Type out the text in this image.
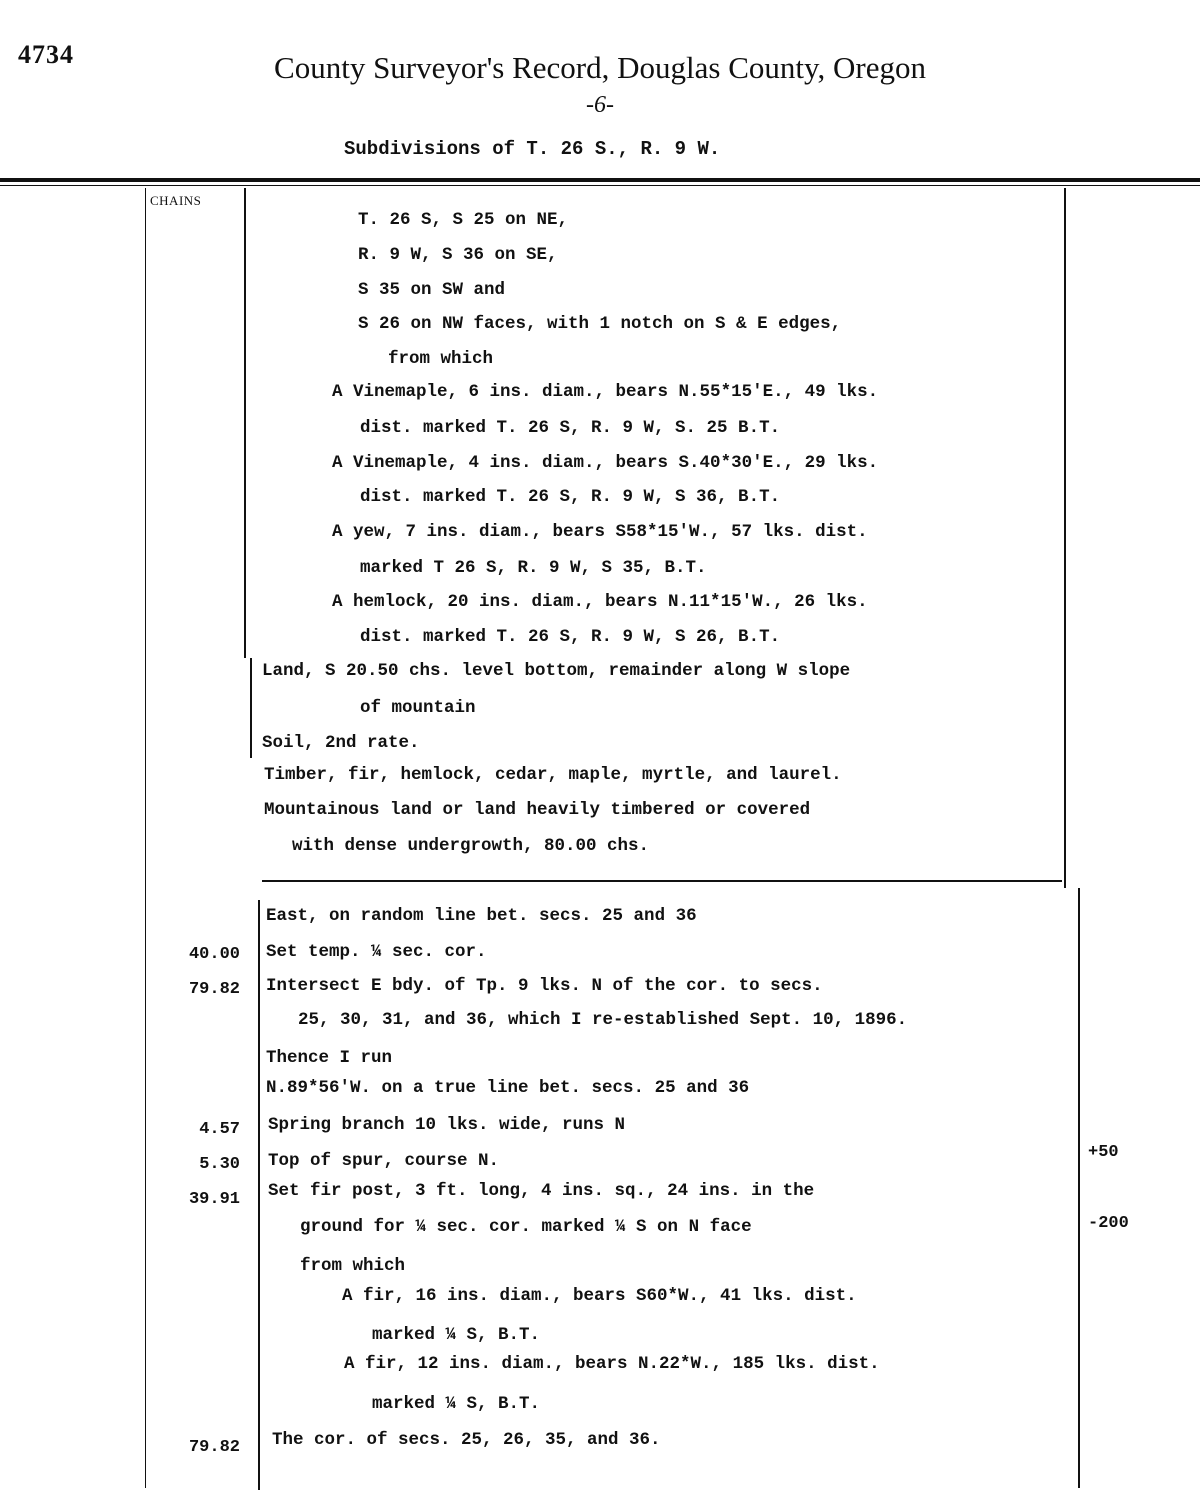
4734	County Surveyor's Record, Douglas County, Oregon
-6-
Subdivisions of T. 26 S., R. 9 W.
CHAINS
T. 26 S, S 25 on NE,
R. 9 W, S 36 on SE,
S 35 on SW and
S 26 on NW faces, with 1 notch on S & E edges,
from which
A Vinemaple, 6 ins. diam., bears N.55*15'E., 49 lks.
dist. marked T. 26 S, R. 9 W, S. 25 B.T.
A Vinemaple, 4 ins. diam., bears S.40*30'E., 29 lks.
dist. marked T. 26 S, R. 9 W, S 36, B.T.
A yew, 7 ins. diam., bears S58*15'W., 57 lks. dist.
marked T 26 S, R. 9 W, S 35, B.T.
A hemlock, 20 ins. diam., bears N.11*15'W., 26 lks.
dist. marked T. 26 S, R. 9 W, S 26, B.T.
Land, S 20.50 chs. level bottom, remainder along W slope
of mountain
Soil, 2nd rate.
Timber, fir, hemlock, cedar, maple, myrtle, and laurel.
Mountainous land or land heavily timbered or covered
with dense undergrowth, 80.00 chs.
East, on random line bet. secs. 25 and 36
40.00 Set temp. ¼ sec. cor.
79.82 Intersect E bdy. of Tp. 9 lks. N of the cor. to secs.
25, 30, 31, and 36, which I re-established Sept. 10, 1896.
Thence I run
N.89*56'W. on a true line bet. secs. 25 and 36
4.57 Spring branch 10 lks. wide, runs N
5.30 Top of spur, course N.	+50
39.91 Set fir post, 3 ft. long, 4 ins. sq., 24 ins. in the
ground for ¼ sec. cor. marked ¼ S on N face	-200
from which
A fir, 16 ins. diam., bears S60*W., 41 lks. dist.
marked ¼ S, B.T.
A fir, 12 ins. diam., bears N.22*W., 185 lks. dist.
marked ¼ S, B.T.
79.82 The cor. of secs. 25, 26, 35, and 36.
